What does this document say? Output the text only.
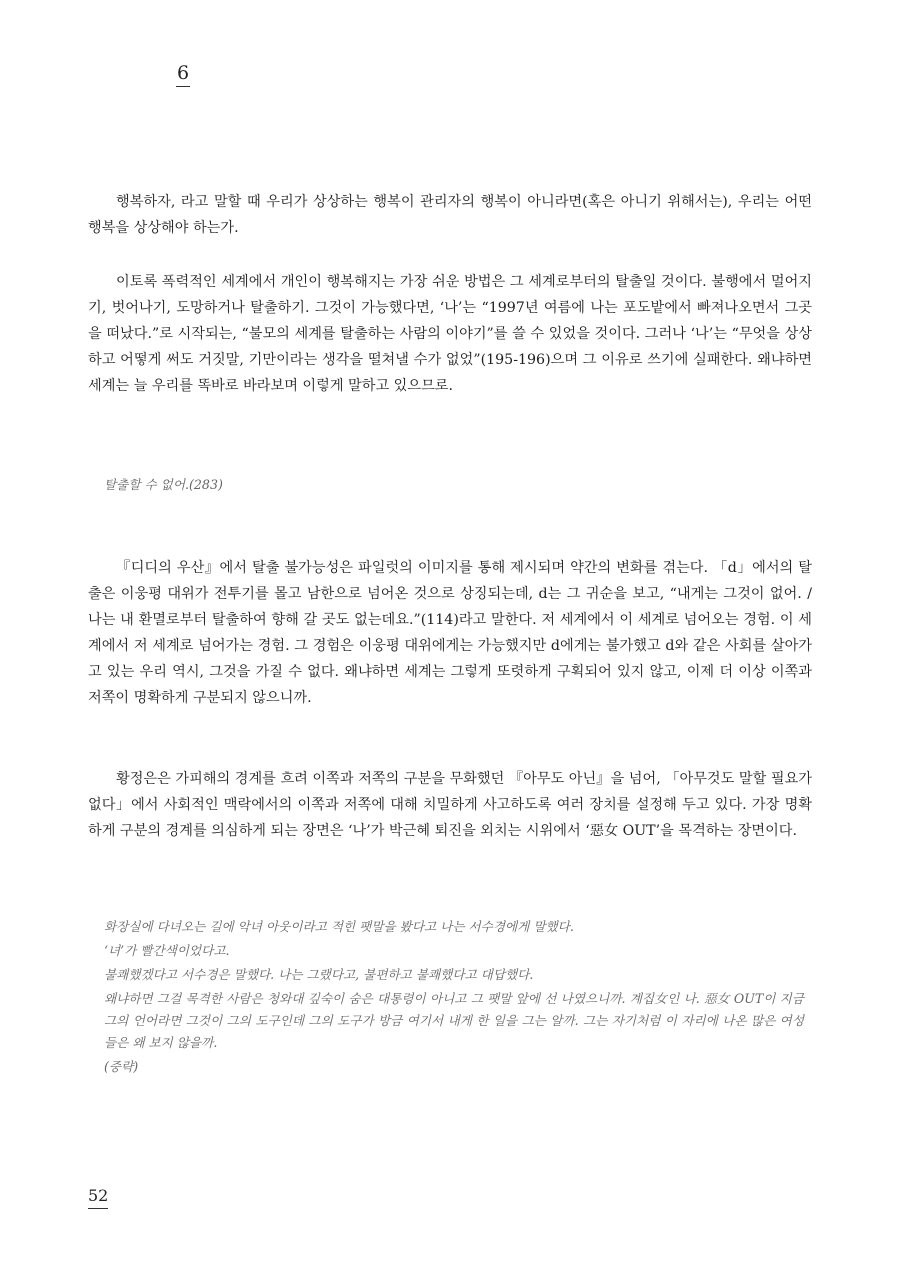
6

행복하자, 라고 말할 때 우리가 상상하는 행복이 관리자의 행복이 아니라면(혹은 아니기 위해서는), 우리는 어떤 행복을 상상해야 하는가.

이토록 폭력적인 세계에서 개인이 행복해지는 가장 쉬운 방법은 그 세계로부터의 탈출일 것이다. 불행에서 멀어지기, 벗어나기, 도망하거나 탈출하기. 그것이 가능했다면, ‘나’는 “1997년 여름에 나는 포도밭에서 빠져나오면서 그곳을 떠났다.”로 시작되는, “불모의 세계를 탈출하는 사람의 이야기”를 쓸 수 있었을 것이다. 그러나 ‘나’는 “무엇을 상상하고 어떻게 써도 거짓말, 기만이라는 생각을 떨쳐낼 수가 없었”(195-196)으며 그 이유로 쓰기에 실패한다. 왜냐하면 세계는 늘 우리를 똑바로 바라보며 이렇게 말하고 있으므로.

탈출할 수 없어.(283)

『디디의 우산』에서 탈출 불가능성은 파일럿의 이미지를 통해 제시되며 약간의 변화를 겪는다. 「d」에서의 탈출은 이웅평 대위가 전투기를 몰고 남한으로 넘어온 것으로 상징되는데, d는 그 귀순을 보고, “내게는 그것이 없어. / 나는 내 환멸로부터 탈출하여 향해 갈 곳도 없는데요.”(114)라고 말한다. 저 세계에서 이 세계로 넘어오는 경험. 이 세계에서 저 세계로 넘어가는 경험. 그 경험은 이웅평 대위에게는 가능했지만 d에게는 불가했고 d와 같은 사회를 살아가고 있는 우리 역시, 그것을 가질 수 없다. 왜냐하면 세계는 그렇게 또렷하게 구획되어 있지 않고, 이제 더 이상 이쪽과 저쪽이 명확하게 구분되지 않으니까.

황정은은 가피해의 경계를 흐려 이쪽과 저쪽의 구분을 무화했던 『아무도 아닌』을 넘어, 「아무것도 말할 필요가 없다」에서 사회적인 맥락에서의 이쪽과 저쪽에 대해 치밀하게 사고하도록 여러 장치를 설정해 두고 있다. 가장 명확하게 구분의 경계를 의심하게 되는 장면은 ‘나’가 박근혜 퇴진을 외치는 시위에서 ‘惡女 OUT’을 목격하는 장면이다.

화장실에 다녀오는 길에 악녀 아웃이라고 적힌 팻말을 봤다고 나는 서수경에게 말했다.
‘녀’가 빨간색이었다고.
불쾌했겠다고 서수경은 말했다. 나는 그랬다고, 불편하고 불쾌했다고 대답했다.
왜냐하면 그걸 목격한 사람은 청와대 깊숙이 숨은 대통령이 아니고 그 팻말 앞에 선 나였으니까. 계집女인 나. 惡女 OUT이 지금 그의 언어라면 그것이 그의 도구인데 그의 도구가 방금 여기서 내게 한 일을 그는 알까. 그는 자기처럼 이 자리에 나온 많은 여성들은 왜 보지 않을까.
(중략)
52
